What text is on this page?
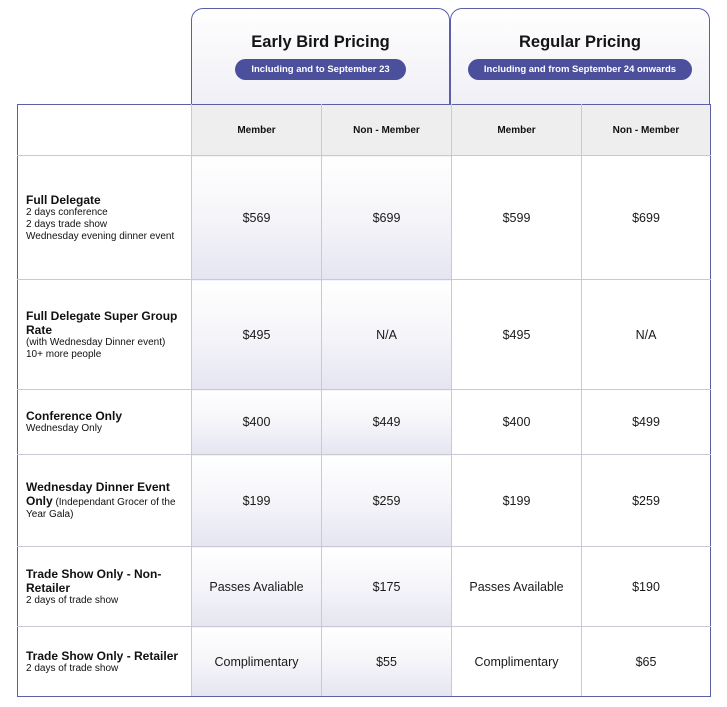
Early Bird Pricing
Including and to September 23
Regular Pricing
Including and from September 24 onwards
	Member	Non - Member	Member	Non - Member

Full Delegate
2 days conference
2 days trade show
Wednesday evening dinner event	$569	$699	$599	$699

Full Delegate Super Group Rate
(with Wednesday Dinner event)
10+ more people	$495	N/A	$495	N/A

Conference Only
Wednesday Only	$400	$449	$400	$499
Wednesday Dinner Event Only (Independant Grocer of the Year Gala)	$199	$259	$199	$259

Trade Show Only - Non-Retailer
2 days of trade show	Passes Avaliable	$175	Passes Available	$190

Trade Show Only - Retailer
2 days of trade show	Complimentary	$55	Complimentary	$65
